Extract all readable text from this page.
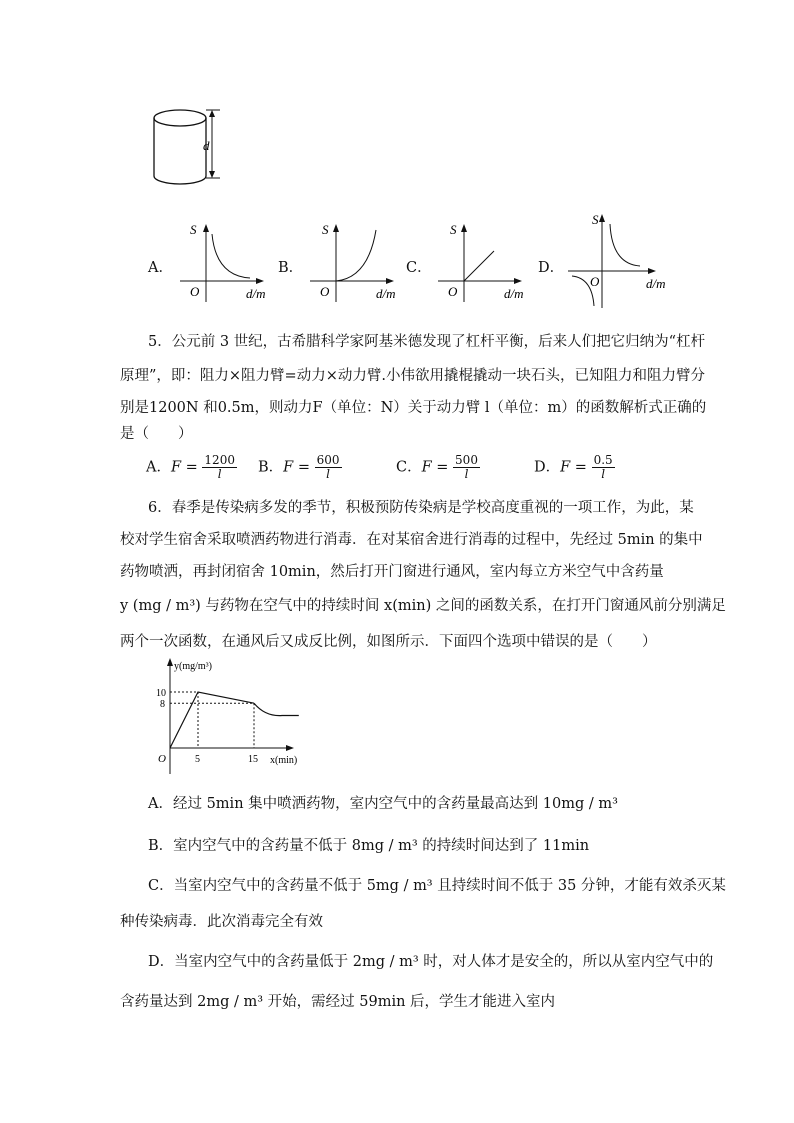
d
A．
S
O	d/m
B．
S
O	d/m
C．
S
O	d/m
D．
S
O	d/m
5．公元前 3 世纪，古希腊科学家阿基米德发现了杠杆平衡，后来人们把它归纳为“杠杆
原理”，即：阻力×阻力臂=动力×动力臂.小伟欲用撬棍撬动一块石头，已知阻力和阻力臂分
别是1200N 和0.5m，则动力F（单位：N）关于动力臂 l（单位：m）的函数解析式正确的
是（　　）
A．$F = \frac{1200}{l}$ B．$F = \frac{600}{l}$	C．$F = \frac{500}{l}$	D．$F = \frac{0.5}{l}$
6．春季是传染病多发的季节，积极预防传染病是学校高度重视的一项工作，为此，某
校对学生宿舍采取喷洒药物进行消毒．在对某宿舍进行消毒的过程中，先经过 5min 的集中
药物喷洒，再封闭宿舍 10min，然后打开门窗进行通风，室内每立方米空气中含药量
y (mg / m³) 与药物在空气中的持续时间 x(min) 之间的函数关系，在打开门窗通风前分别满足
两个一次函数，在通风后又成反比例，如图所示．下面四个选项中错误的是（　　）
y(mg/m³)
x(min)
O	5	15
10
8
A．经过 5min 集中喷洒药物，室内空气中的含药量最高达到 10mg / m³
B．室内空气中的含药量不低于 8mg / m³ 的持续时间达到了 11min
C．当室内空气中的含药量不低于 5mg / m³ 且持续时间不低于 35 分钟，才能有效杀灭某
种传染病毒．此次消毒完全有效
D．当室内空气中的含药量低于 2mg / m³ 时，对人体才是安全的，所以从室内空气中的
含药量达到 2mg / m³ 开始，需经过 59min 后，学生才能进入室内
